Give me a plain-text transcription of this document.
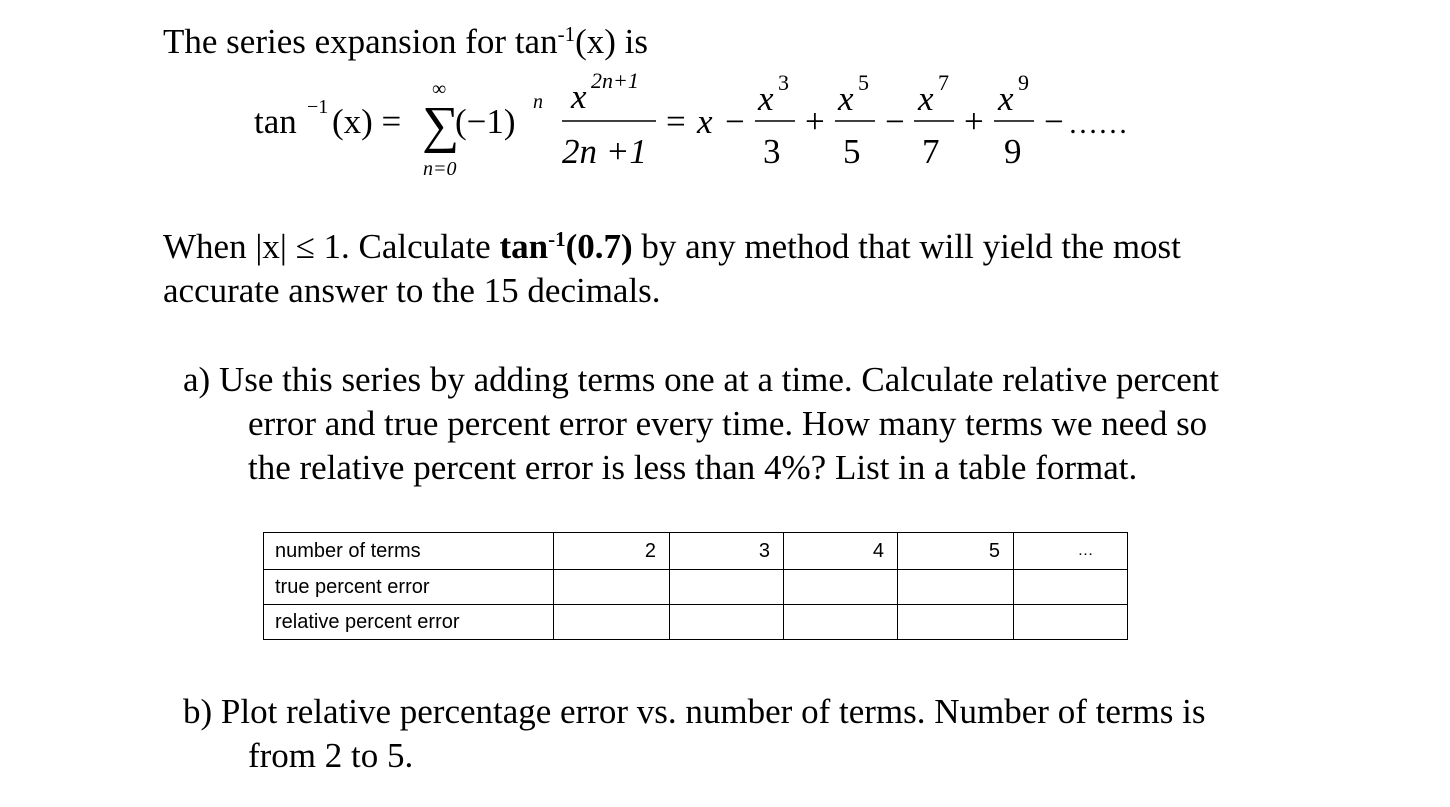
The series expansion for $\tan^{-1}(x)$ is
tan −1 (x) =
∞
∑
n=0
(−1) n x 2n+1
2n +1
= x − + − + −
x 3
3
x 5
5
x 7
7
x 9
9
……
When |x| ≤ 1. Calculate $\tan^{-1}(0.7)$ by any method that will yield the most
accurate answer to the 15 decimals.
a) Use this series by adding terms one at a time. Calculate relative percent
error and true percent error every time. How many terms we need so
the relative percent error is less than 4%? List in a table format.
number of terms	2	3	4	5	…
true percent error					
relative percent error					
b) Plot relative percentage error vs. number of terms. Number of terms is
from 2 to 5.
